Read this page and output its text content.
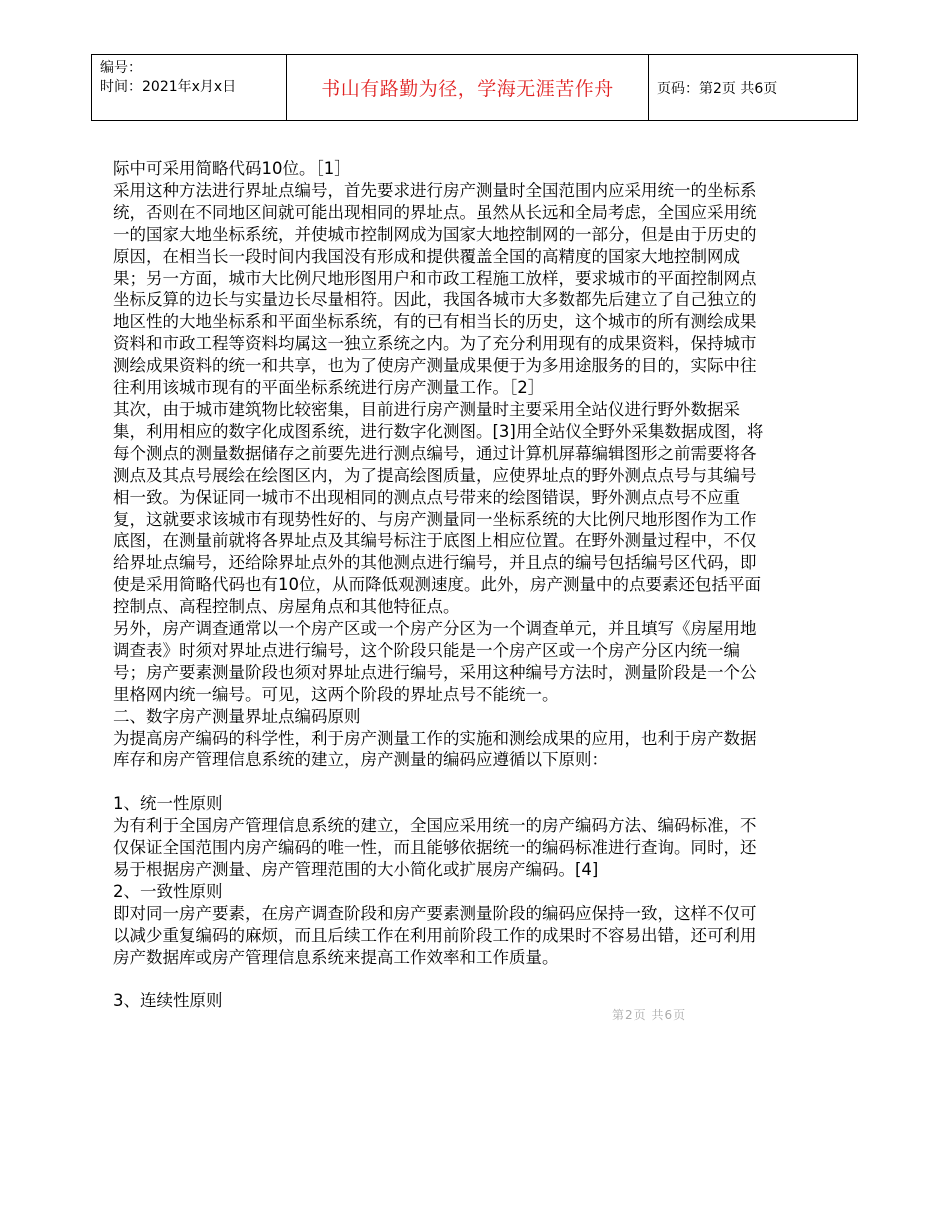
编号：
时间：2021年x月x日	书山有路勤为径，学海无涯苦作舟	页码：第2页 共6页

际中可采用简略代码10位。［1］

采用这种方法进行界址点编号，首先要求进行房产测量时全国范围内应采用统一的坐标系统，否则在不同地区间就可能出现相同的界址点。虽然从长远和全局考虑，全国应采用统一的国家大地坐标系统，并使城市控制网成为国家大地控制网的一部分，但是由于历史的原因，在相当长一段时间内我国没有形成和提供覆盖全国的高精度的国家大地控制网成果；另一方面，城市大比例尺地形图用户和市政工程施工放样，要求城市的平面控制网点坐标反算的边长与实量边长尽量相符。因此，我国各城市大多数都先后建立了自己独立的地区性的大地坐标系和平面坐标系统，有的已有相当长的历史，这个城市的所有测绘成果资料和市政工程等资料均属这一独立系统之内。为了充分利用现有的成果资料，保持城市测绘成果资料的统一和共享，也为了使房产测量成果便于为多用途服务的目的，实际中往往利用该城市现有的平面坐标系统进行房产测量工作。［2］

其次，由于城市建筑物比较密集，目前进行房产测量时主要采用全站仪进行野外数据采集，利用相应的数字化成图系统，进行数字化测图。[3]用全站仪全野外采集数据成图，将每个测点的测量数据储存之前要先进行测点编号，通过计算机屏幕编辑图形之前需要将各测点及其点号展绘在绘图区内，为了提高绘图质量，应使界址点的野外测点点号与其编号相一致。为保证同一城市不出现相同的测点点号带来的绘图错误，野外测点点号不应重复，这就要求该城市有现势性好的、与房产测量同一坐标系统的大比例尺地形图作为工作底图，在测量前就将各界址点及其编号标注于底图上相应位置。在野外测量过程中，不仅给界址点编号，还给除界址点外的其他测点进行编号，并且点的编号包括编号区代码，即使是采用简略代码也有10位，从而降低观测速度。此外，房产测量中的点要素还包括平面控制点、高程控制点、房屋角点和其他特征点。

另外，房产调查通常以一个房产区或一个房产分区为一个调查单元，并且填写《房屋用地调查表》时须对界址点进行编号，这个阶段只能是一个房产区或一个房产分区内统一编号；房产要素测量阶段也须对界址点进行编号，采用这种编号方法时，测量阶段是一个公里格网内统一编号。可见，这两个阶段的界址点号不能统一。

二、数字房产测量界址点编码原则

为提高房产编码的科学性，利于房产测量工作的实施和测绘成果的应用，也利于房产数据库存和房产管理信息系统的建立，房产测量的编码应遵循以下原则：

1、统一性原则

为有利于全国房产管理信息系统的建立，全国应采用统一的房产编码方法、编码标准，不仅保证全国范围内房产编码的唯一性，而且能够依据统一的编码标准进行查询。同时，还易于根据房产测量、房产管理范围的大小简化或扩展房产编码。[4]

2、一致性原则

即对同一房产要素，在房产调查阶段和房产要素测量阶段的编码应保持一致，这样不仅可以减少重复编码的麻烦，而且后续工作在利用前阶段工作的成果时不容易出错，还可利用房产数据库或房产管理信息系统来提高工作效率和工作质量。

3、连续性原则

第2页 共6页
